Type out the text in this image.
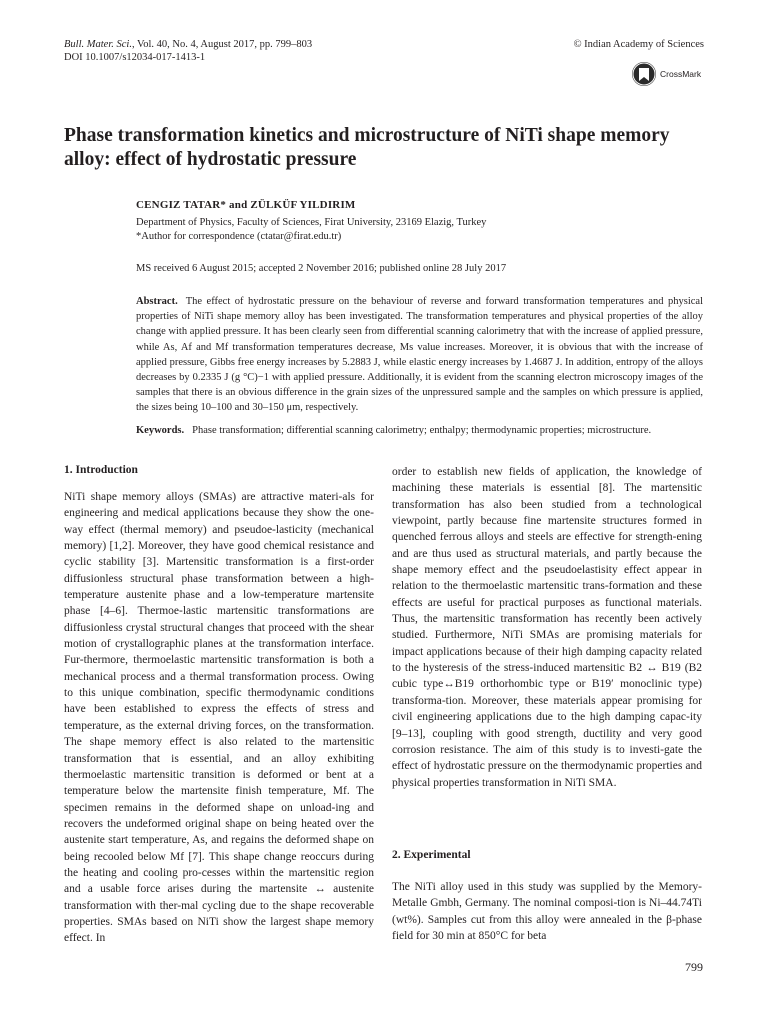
Bull. Mater. Sci., Vol. 40, No. 4, August 2017, pp. 799–803
DOI 10.1007/s12034-017-1413-1
© Indian Academy of Sciences
CrossMark
Phase transformation kinetics and microstructure of NiTi shape memory alloy: effect of hydrostatic pressure
CENGIZ TATAR* and ZÜLKÜF YILDIRIM
Department of Physics, Faculty of Sciences, Firat University, 23169 Elazig, Turkey
*Author for correspondence (ctatar@firat.edu.tr)
MS received 6 August 2015; accepted 2 November 2016; published online 28 July 2017
Abstract. The effect of hydrostatic pressure on the behaviour of reverse and forward transformation temperatures and physical properties of NiTi shape memory alloy has been investigated. The transformation temperatures and physical properties of the alloy change with applied pressure. It has been clearly seen from differential scanning calorimetry that with the increase of applied pressure, while As, Af and Mf transformation temperatures decrease, Ms value increases. Moreover, it is obvious that with the increase of applied pressure, Gibbs free energy increases by 5.2883 J, while elastic energy increases by 1.4687 J. In addition, entropy of the alloys decreases by 0.2335 J (g °C)−1 with applied pressure. Additionally, it is evident from the scanning electron microscopy images of the samples that there is an obvious difference in the grain sizes of the unpressured sample and the samples on which pressure is applied, the sizes being 10–100 and 30–150 μm, respectively.
Keywords. Phase transformation; differential scanning calorimetry; enthalpy; thermodynamic properties; microstructure.
1. Introduction
NiTi shape memory alloys (SMAs) are attractive materi-als for engineering and medical applications because they show the one-way effect (thermal memory) and pseudoe-lasticity (mechanical memory) [1,2]. Moreover, they have good chemical resistance and cyclic stability [3]. Martensitic transformation is a first-order diffusionless structural phase transformation between a high-temperature austenite phase and a low-temperature martensite phase [4–6]. Thermoe-lastic martensitic transformations are diffusionless crystal structural changes that proceed with the shear motion of crystallographic planes at the transformation interface. Fur-thermore, thermoelastic martensitic transformation is both a mechanical process and a thermal transformation process. Owing to this unique combination, specific thermodynamic conditions have been established to express the effects of stress and temperature, as the external driving forces, on the transformation. The shape memory effect is also related to the martensitic transformation that is essential, and an alloy exhibiting thermoelastic martensitic transition is deformed or bent at a temperature below the martensite finish temperature, Mf. The specimen remains in the deformed shape on unload-ing and recovers the undeformed original shape on being heated over the austenite start temperature, As, and regains the deformed shape on being recooled below Mf [7]. This shape change reoccurs during the heating and cooling pro-cesses within the martensitic region and a usable force arises during the martensite ↔ austenite transformation with ther-mal cycling due to the shape recoverable properties. SMAs based on NiTi show the largest shape memory effect. In
order to establish new fields of application, the knowledge of machining these materials is essential [8]. The martensitic transformation has also been studied from a technological viewpoint, partly because fine martensite structures formed in quenched ferrous alloys and steels are effective for strength-ening and are thus used as structural materials, and partly because the shape memory effect and the pseudoelastisity effect appear in relation to the thermoelastic martensitic trans-formation and these effects are useful for practical purposes as functional materials. Thus, the martensitic transformation has recently been actively studied. Furthermore, NiTi SMAs are promising materials for impact applications because of their high damping capacity related to the hysteresis of the stress-induced martensitic B2 ↔ B19 (B2 cubic type↔B19 orthorhombic type or B19′ monoclinic type) transforma-tion. Moreover, these materials appear promising for civil engineering applications due to the high damping capac-ity [9–13], coupling with good strength, ductility and very good corrosion resistance. The aim of this study is to investi-gate the effect of hydrostatic pressure on the thermodynamic properties and physical properties transformation in NiTi SMA.
2. Experimental
The NiTi alloy used in this study was supplied by the Memory-Metalle Gmbh, Germany. The nominal composi-tion is Ni–44.74Ti (wt%). Samples cut from this alloy were annealed in the β-phase field for 30 min at 850°C for beta
799
